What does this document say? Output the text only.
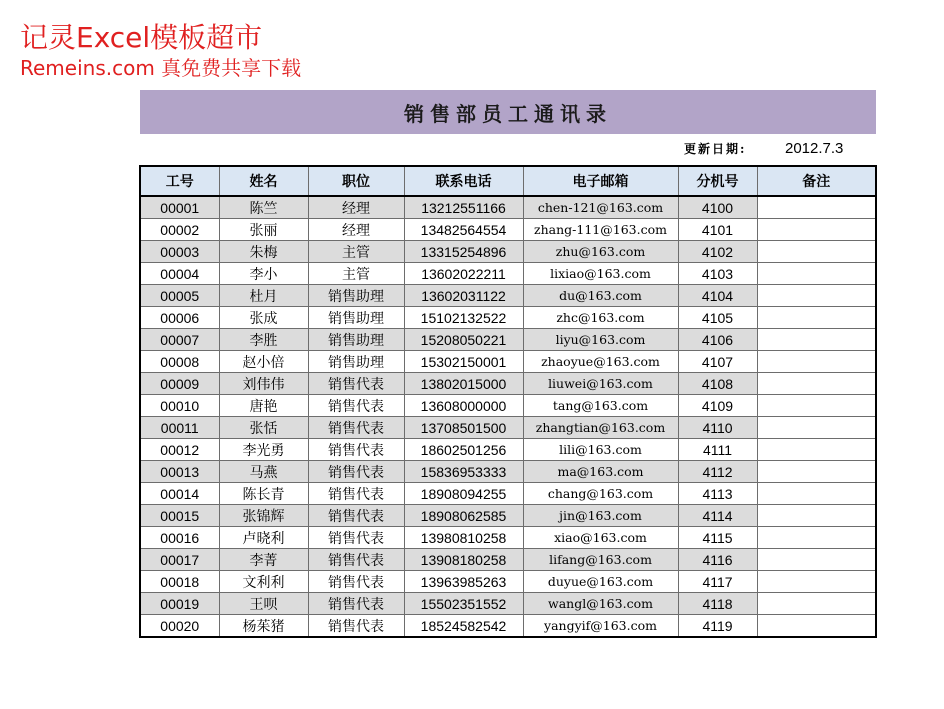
记灵Excel模板超市
Remeins.com 真免费共享下载
销售部员工通讯录
更新日期:	2012.7.3
工号	姓名	职位	联系电话	电子邮箱	分机号	备注
00001	陈竺	经理	13212551166	chen-121@163.com	4100	
00002	张丽	经理	13482564554	zhang-111@163.com	4101	
00003	朱梅	主管	13315254896	zhu@163.com	4102	
00004	李小	主管	13602022211	lixiao@163.com	4103	
00005	杜月	销售助理	13602031122	du@163.com	4104	
00006	张成	销售助理	15102132522	zhc@163.com	4105	
00007	李胜	销售助理	15208050221	liyu@163.com	4106	
00008	赵小倍	销售助理	15302150001	zhaoyue@163.com	4107	
00009	刘伟伟	销售代表	13802015000	liuwei@163.com	4108	
00010	唐艳	销售代表	13608000000	tang@163.com	4109	
00011	张恬	销售代表	13708501500	zhangtian@163.com	4110	
00012	李光勇	销售代表	18602501256	lili@163.com	4111	
00013	马燕	销售代表	15836953333	ma@163.com	4112	
00014	陈长青	销售代表	18908094255	chang@163.com	4113	
00015	张锦辉	销售代表	18908062585	jin@163.com	4114	
00016	卢晓利	销售代表	13980810258	xiao@163.com	4115	
00017	李菁	销售代表	13908180258	lifang@163.com	4116	
00018	文利利	销售代表	13963985263	duyue@163.com	4117	
00019	王呗	销售代表	15502351552	wangl@163.com	4118	
00020	杨茱猪	销售代表	18524582542	yangyif@163.com	4119	
